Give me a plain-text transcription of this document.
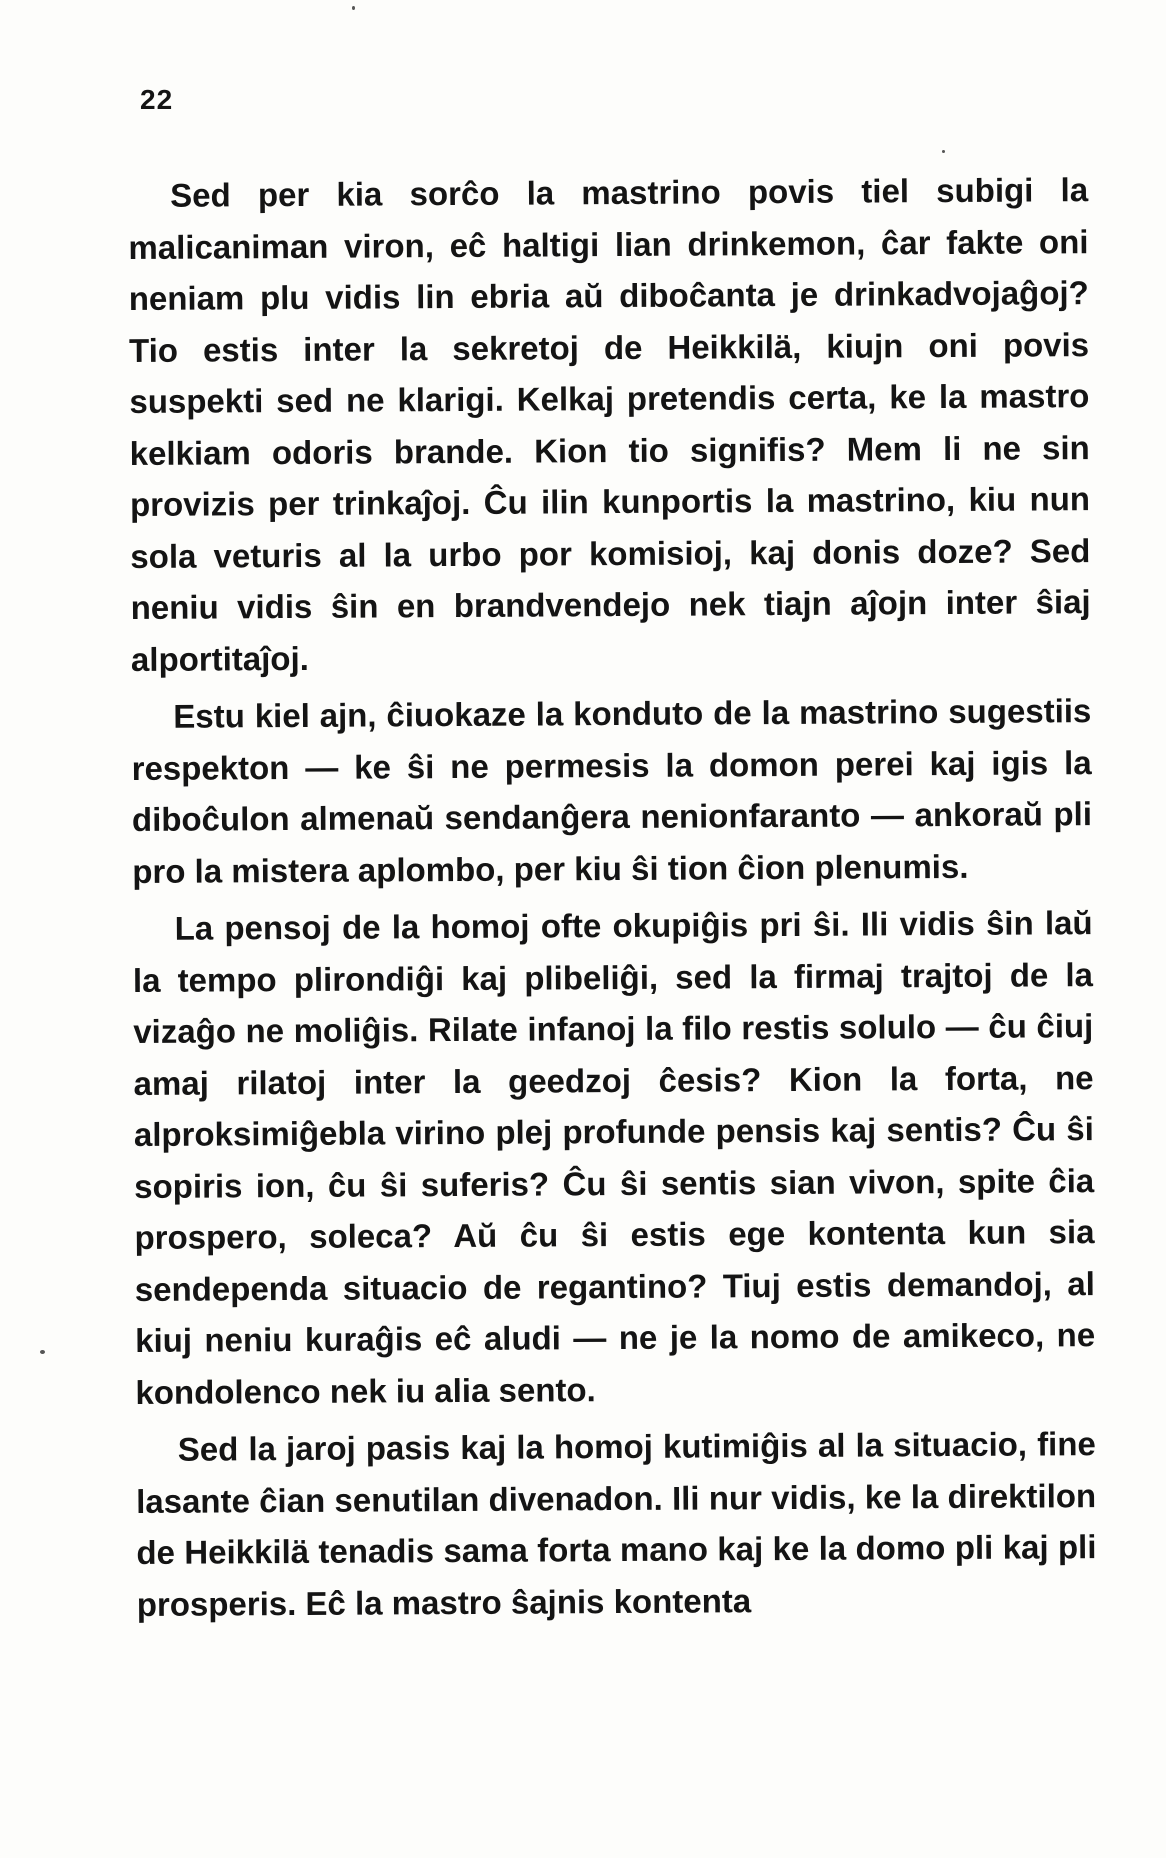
22

Sed per kia sorĉo la mastrino povis tiel subigi la malicaniman viron, eĉ haltigi lian drinkemon, ĉar fakte oni neniam plu vidis lin ebria aŭ diboĉanta je drinkadvojaĝoj? Tio estis inter la sekretoj de Heikkilä, kiujn oni povis suspekti sed ne klarigi. Kelkaj pretendis certa, ke la mastro kelkiam odoris brande. Kion tio signifis? Mem li ne sin provizis per trinkaĵoj. Ĉu ilin kunportis la mastrino, kiu nun sola veturis al la urbo por komisioj, kaj donis doze? Sed neniu vidis ŝin en brandvendejo nek tiajn aĵojn inter ŝiaj alportitaĵoj.

Estu kiel ajn, ĉiuokaze la konduto de la mastrino sugestiis respekton — ke ŝi ne permesis la domon perei kaj igis la diboĉulon almenaŭ sendanĝera nenionfaranto — ankoraŭ pli pro la mistera aplombo, per kiu ŝi tion ĉion plenumis.

La pensoj de la homoj ofte okupiĝis pri ŝi. Ili vidis ŝin laŭ la tempo plirondiĝi kaj plibeliĝi, sed la firmaj trajtoj de la vizaĝo ne moliĝis. Rilate infanoj la filo restis solulo — ĉu ĉiuj amaj rilatoj inter la geedzoj ĉesis? Kion la forta, ne alproksimiĝebla virino plej profunde pensis kaj sentis? Ĉu ŝi sopiris ion, ĉu ŝi suferis? Ĉu ŝi sentis sian vivon, spite ĉia prospero, soleca? Aŭ ĉu ŝi estis ege kontenta kun sia sendependa situacio de regantino? Tiuj estis demandoj, al kiuj neniu kuraĝis eĉ aludi — ne je la nomo de amikeco, ne kondolenco nek iu alia sento.

Sed la jaroj pasis kaj la homoj kutimiĝis al la situacio, fine lasante ĉian senutilan divenadon. Ili nur vidis, ke la direktilon de Heikkilä tenadis sama forta mano kaj ke la domo pli kaj pli prosperis. Eĉ la mastro ŝajnis kontenta
